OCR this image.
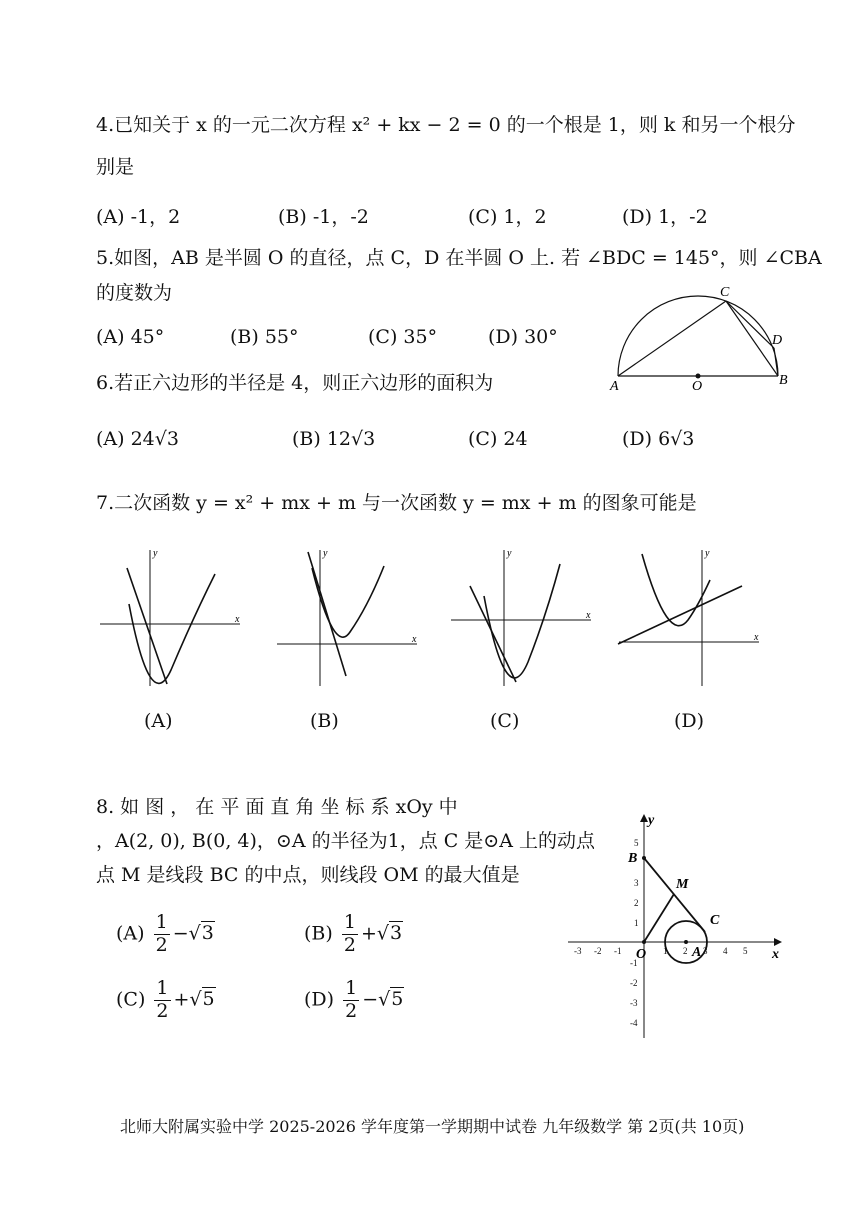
4.已知关于 x 的一元二次方程 x² + kx − 2 = 0 的一个根是 1，则 k 和另一个根分
别是
(A) -1，2	(B) -1，-2	(C) 1，2	(D) 1，-2
5.如图，AB 是半圆 O 的直径，点 C，D 在半圆 O 上. 若 ∠BDC = 145°，则 ∠CBA
的度数为
(A) 45°	(B) 55°	(C) 35°	(D) 30°
A	O	B
C
D
6.若正六边形的半径是 4，则正六边形的面积为
(A) 24√3	(B) 12√3	(C) 24	(D) 6√3
7.二次函数 y = x² + mx + m 与一次函数 y = mx + m 的图象可能是
x
y
(A)
x
y
(B)
x
y
(C)
x
y
(D)
8. 如 图 ， 在 平 面 直 角 坐 标 系 xOy 中
，A(2, 0), B(0, 4)，⊙A 的半径为1，点 C 是⊙A 上的动点
点 M 是线段 BC 的中点，则线段 OM 的最大值是
$(A) \frac{1}{2} -√3$	$(B) \frac{1}{2} +√3$
$(C) \frac{1}{2} +√5$	$(D) \frac{1}{2} -√5$
-3 -2 -1	1 2 3 4 5
1
2
3
5
-1
-2
-3
-4
y
x
B
M
C
O	A
北师大附属实验中学 2025-2026 学年度第一学期期中试卷 九年级数学 第 2页(共 10页)
